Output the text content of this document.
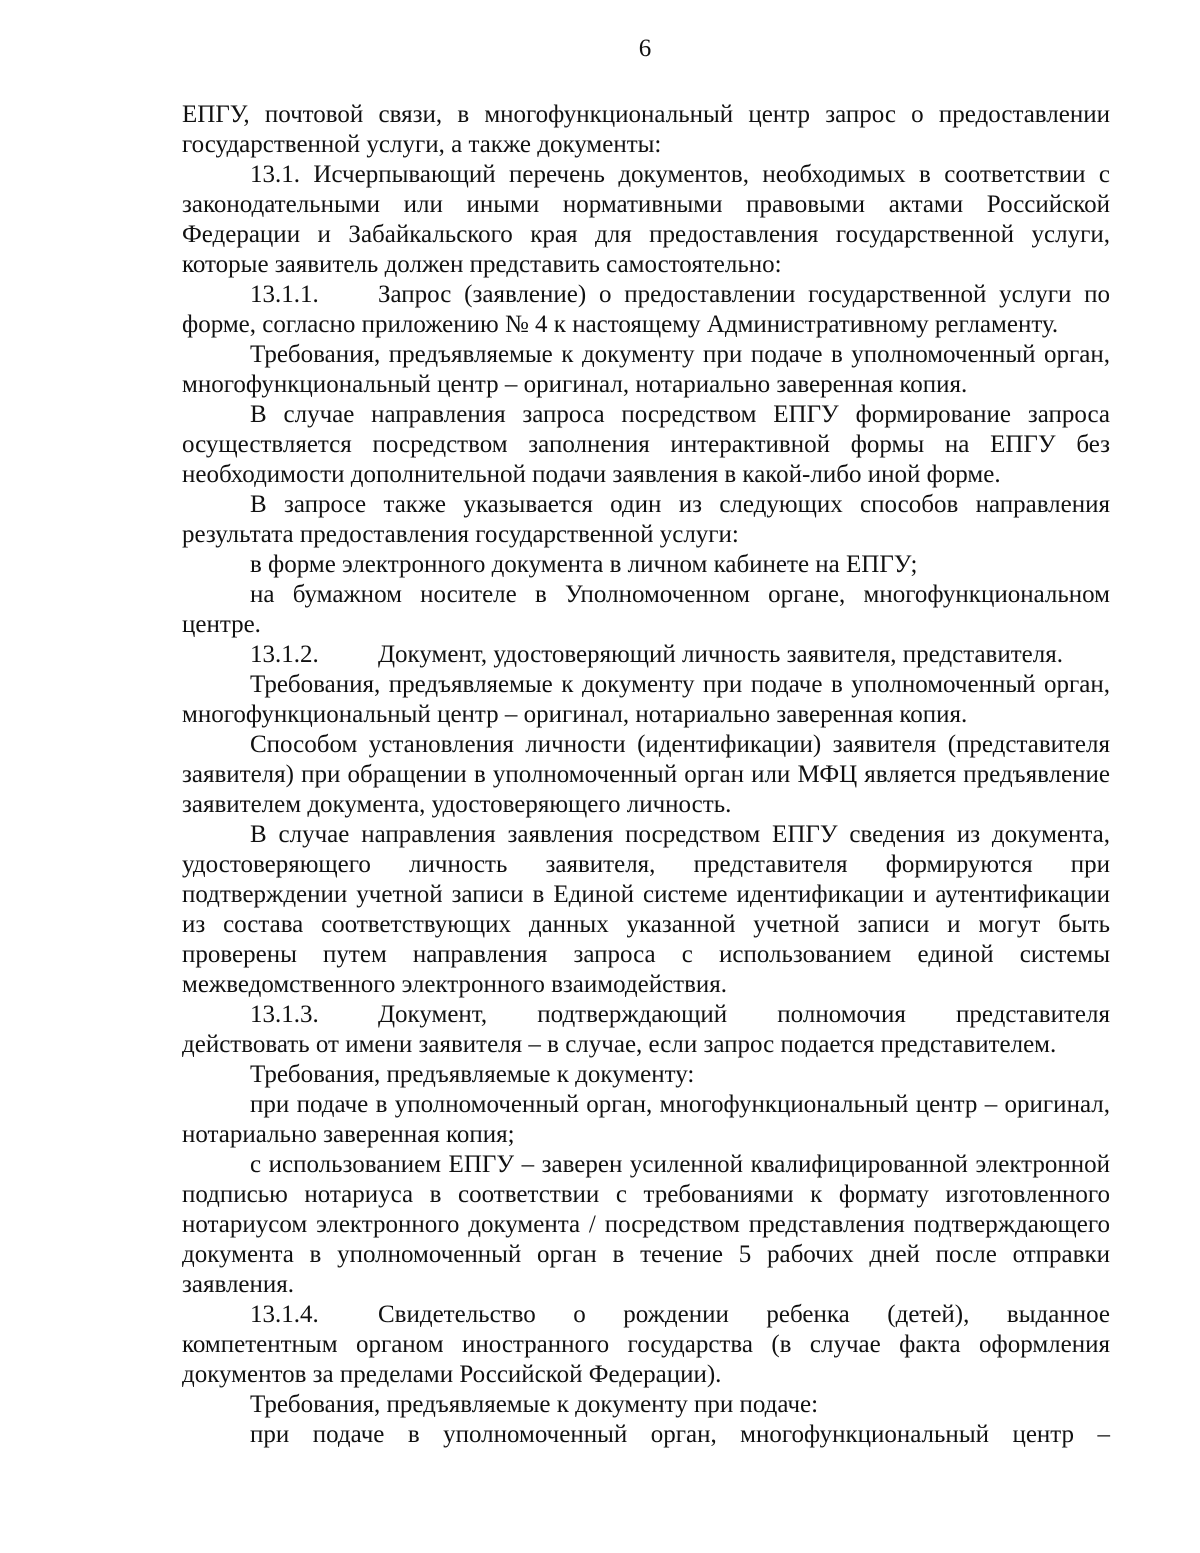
6

ЕПГУ, почтовой связи, в многофункциональный центр запрос о предоставлении государственной услуги, а также документы:

13.1. Исчерпывающий перечень документов, необходимых в соответствии с законодательными или иными нормативными правовыми актами Российской Федерации и Забайкальского края для предоставления государственной услуги, которые заявитель должен представить самостоятельно:

13.1.1. Запрос (заявление) о предоставлении государственной услуги по форме, согласно приложению № 4 к настоящему Административному регламенту.

Требования, предъявляемые к документу при подаче в уполномоченный орган, многофункциональный центр – оригинал, нотариально заверенная копия.

В случае направления запроса посредством ЕПГУ формирование запроса осуществляется посредством заполнения интерактивной формы на ЕПГУ без необходимости дополнительной подачи заявления в какой-либо иной форме.

В запросе также указывается один из следующих способов направления результата предоставления государственной услуги:

в форме электронного документа в личном кабинете на ЕПГУ;

на бумажном носителе в Уполномоченном органе, многофункциональном центре.

13.1.2. Документ, удостоверяющий личность заявителя, представителя.

Требования, предъявляемые к документу при подаче в уполномоченный орган, многофункциональный центр – оригинал, нотариально заверенная копия.

Способом установления личности (идентификации) заявителя (представителя заявителя) при обращении в уполномоченный орган или МФЦ является предъявление заявителем документа, удостоверяющего личность.

В случае направления заявления посредством ЕПГУ сведения из документа, удостоверяющего личность заявителя, представителя формируются при подтверждении учетной записи в Единой системе идентификации и аутентификации из состава соответствующих данных указанной учетной записи и могут быть проверены путем направления запроса с использованием единой системы межведомственного электронного взаимодействия.

13.1.3. Документ, подтверждающий полномочия представителя действовать от имени заявителя – в случае, если запрос подается представителем.

Требования, предъявляемые к документу:

при подаче в уполномоченный орган, многофункциональный центр – оригинал, нотариально заверенная копия;

с использованием ЕПГУ – заверен усиленной квалифицированной электронной подписью нотариуса в соответствии с требованиями к формату изготовленного нотариусом электронного документа / посредством представления подтверждающего документа в уполномоченный орган в течение 5 рабочих дней после отправки заявления.

13.1.4. Свидетельство о рождении ребенка (детей), выданное компетентным органом иностранного государства (в случае факта оформления документов за пределами Российской Федерации).

Требования, предъявляемые к документу при подаче:

при подаче в уполномоченный орган, многофункциональный центр –
